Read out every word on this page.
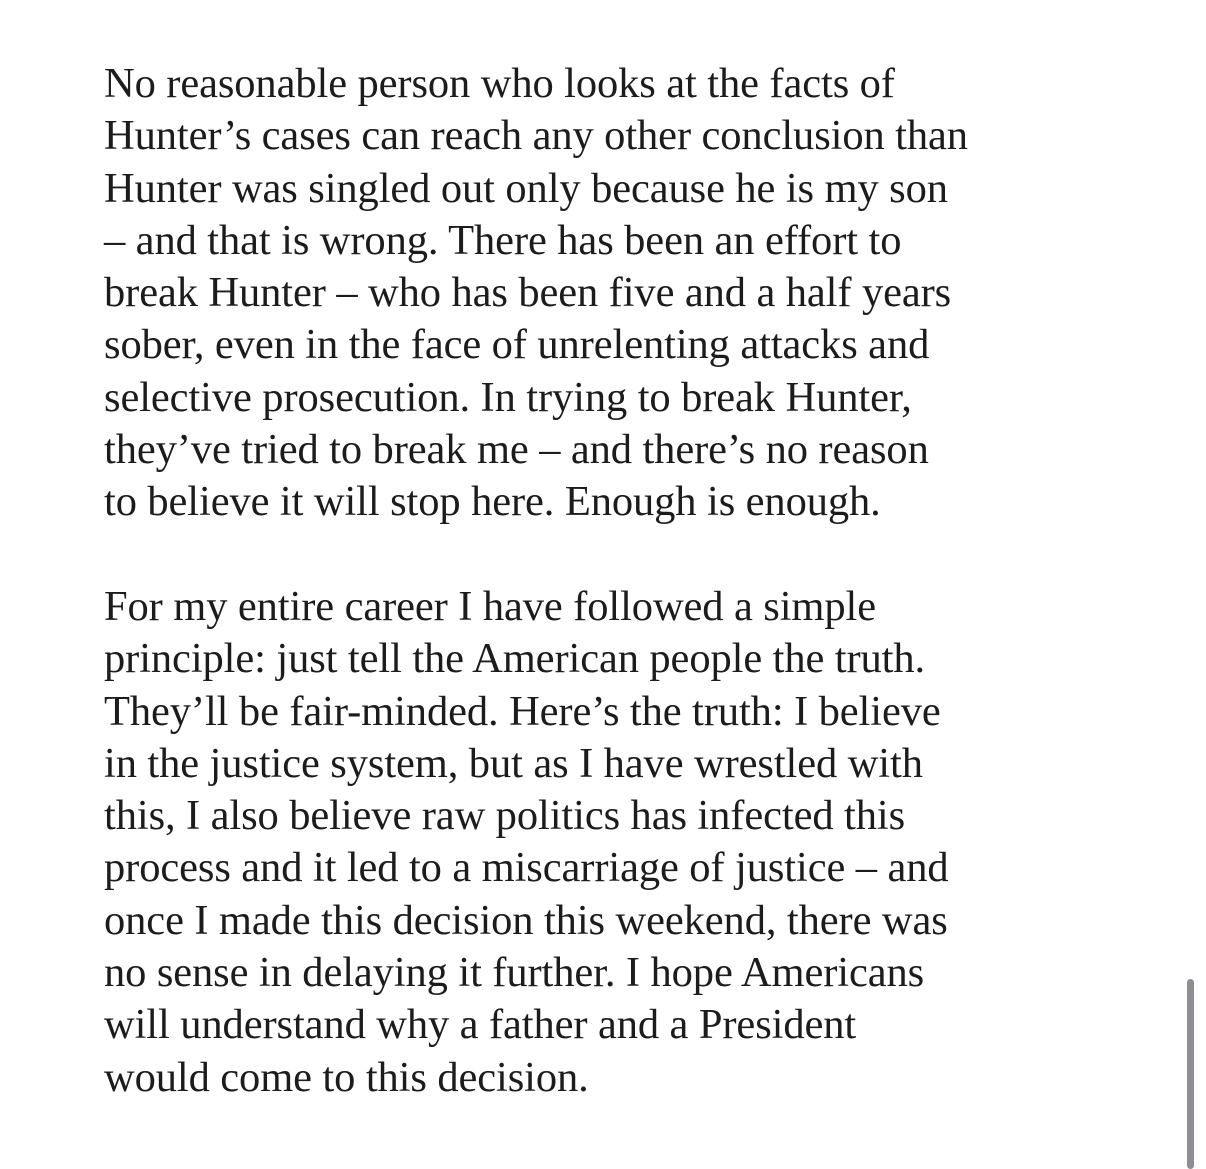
No reasonable person who looks at the facts of
Hunter’s cases can reach any other conclusion than
Hunter was singled out only because he is my son
– and that is wrong. There has been an effort to
break Hunter – who has been five and a half years
sober, even in the face of unrelenting attacks and
selective prosecution. In trying to break Hunter,
they’ve tried to break me – and there’s no reason
to believe it will stop here. Enough is enough.

For my entire career I have followed a simple
principle: just tell the American people the truth.
They’ll be fair-minded. Here’s the truth: I believe
in the justice system, but as I have wrestled with
this, I also believe raw politics has infected this
process and it led to a miscarriage of justice – and
once I made this decision this weekend, there was
no sense in delaying it further. I hope Americans
will understand why a father and a President
would come to this decision.
